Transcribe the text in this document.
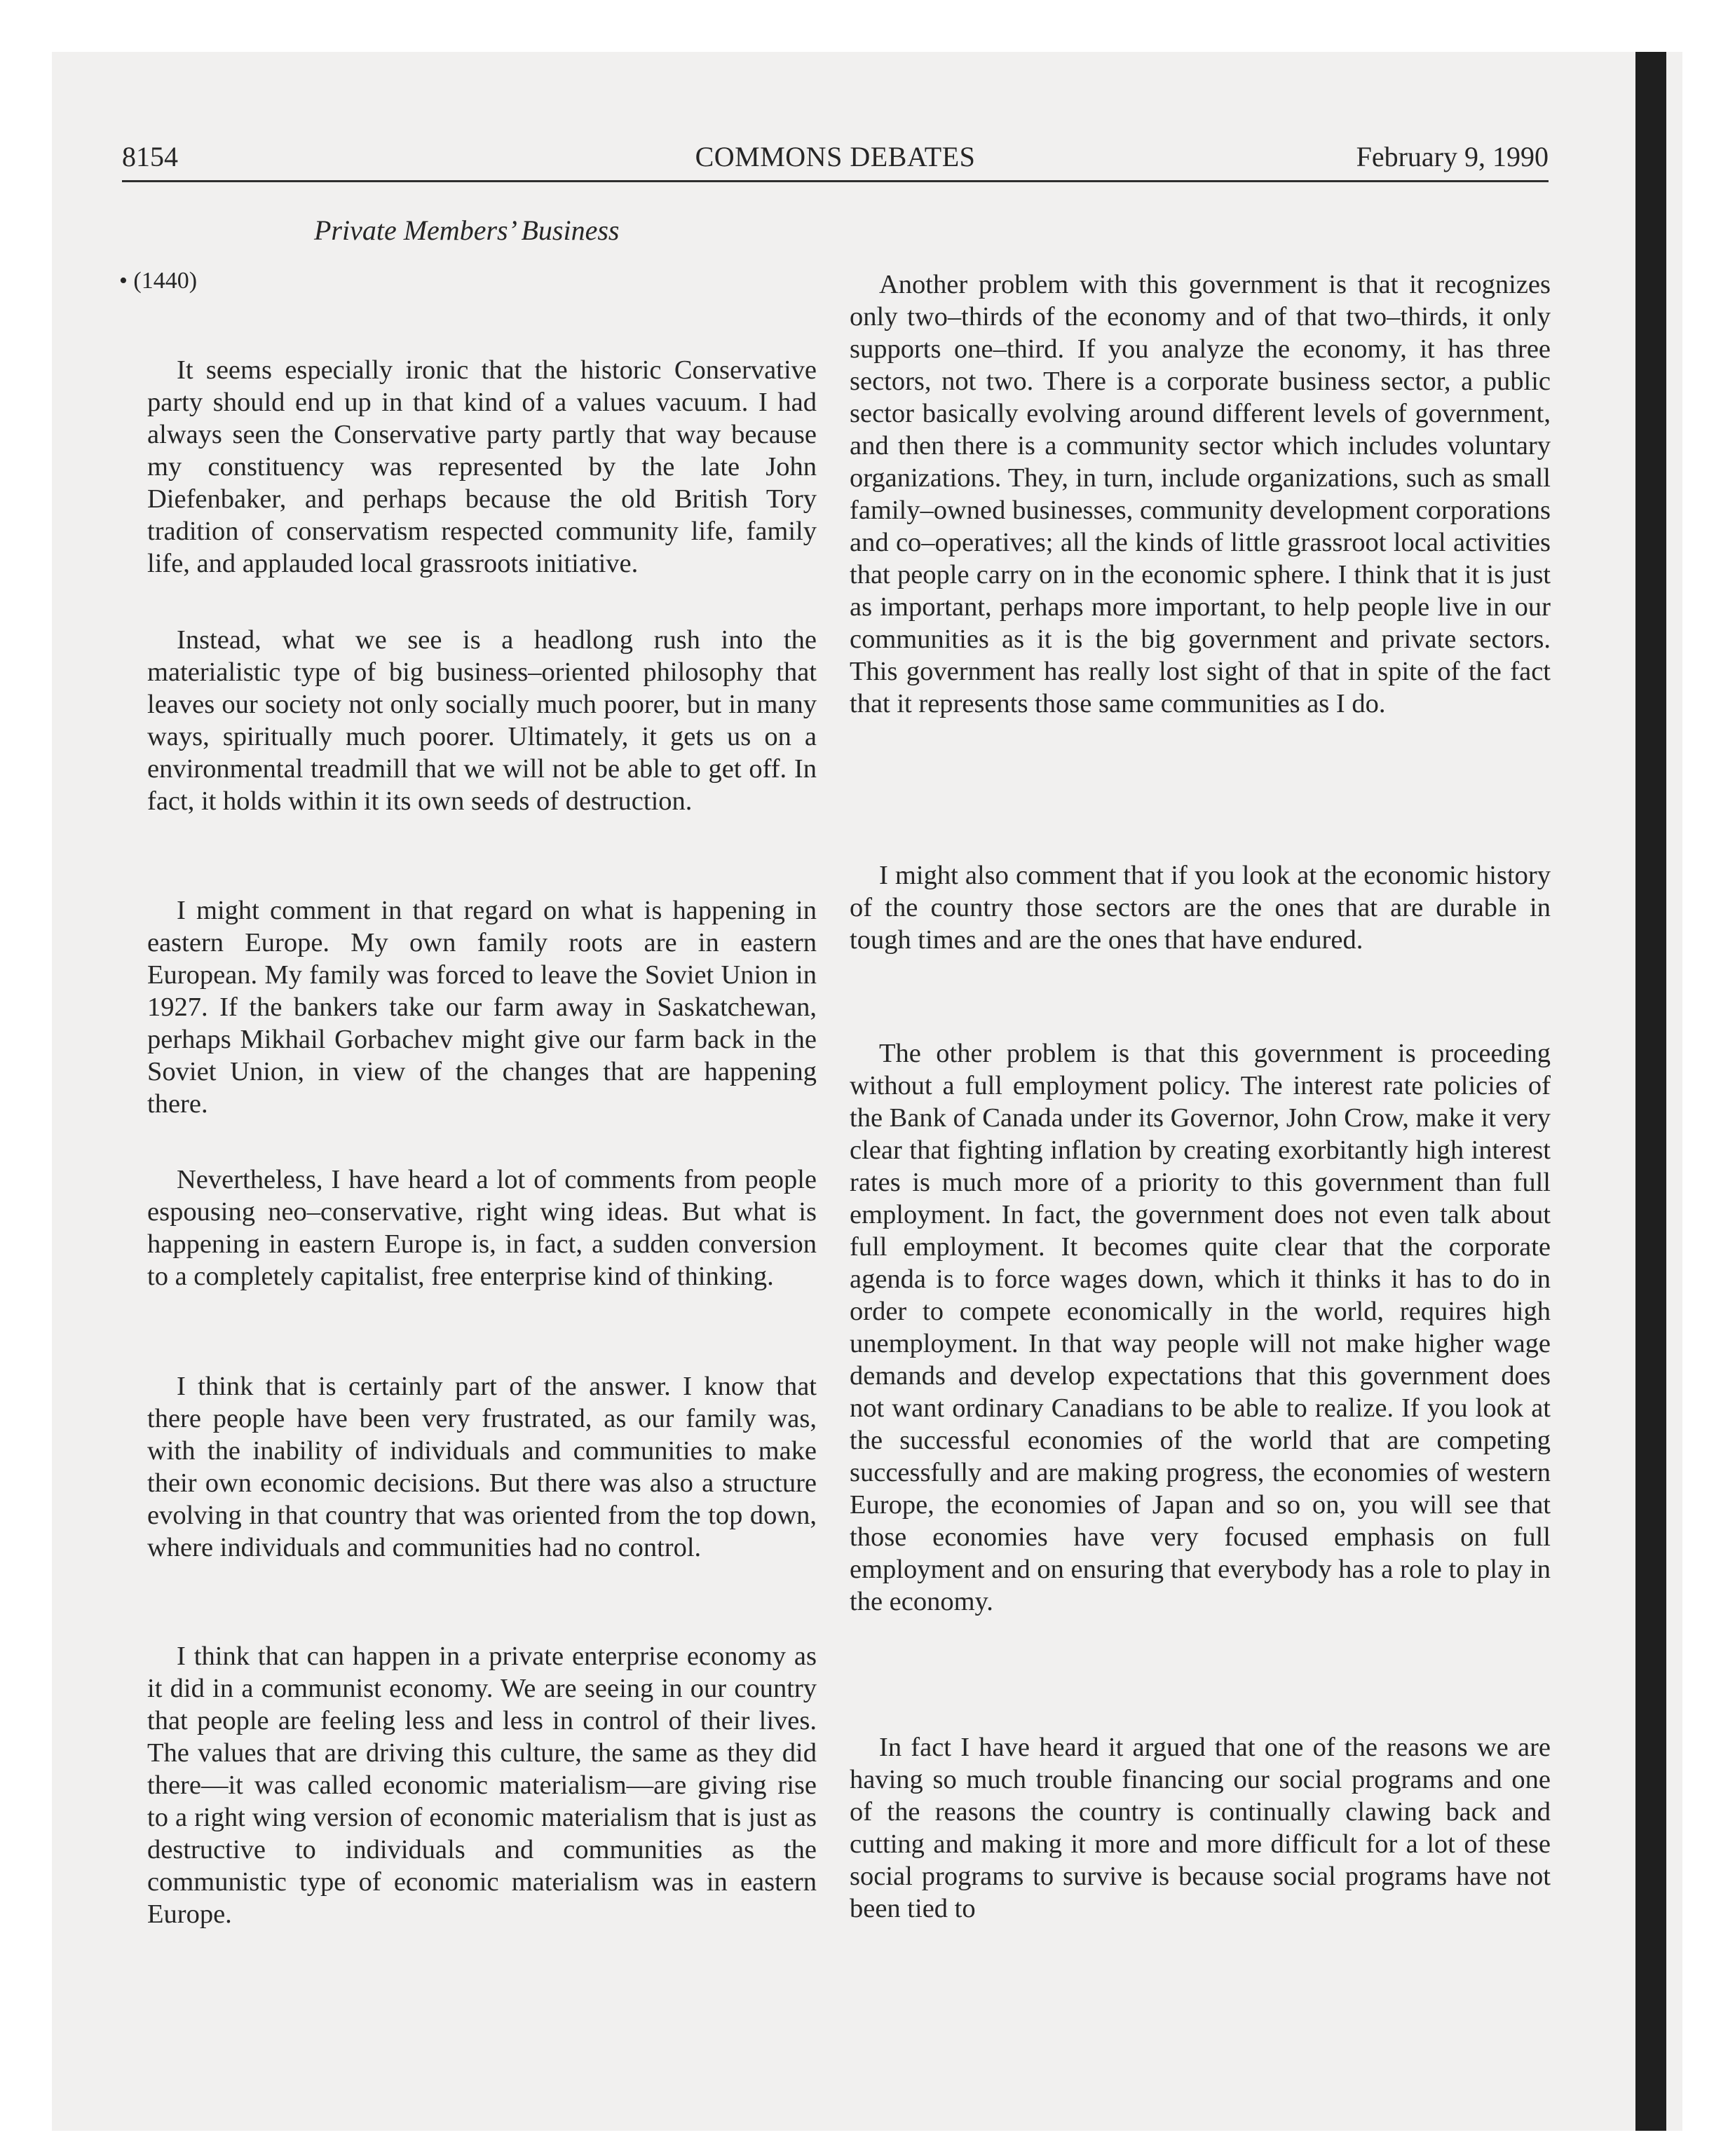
8154	COMMONS DEBATES	February 9, 1990
Private Members’ Business
• (1440)

It seems especially ironic that the historic Conservative party should end up in that kind of a values vacuum. I had always seen the Conservative party partly that way because my constituency was represented by the late John Diefenbaker, and perhaps because the old British Tory tradition of conservatism respected community life, family life, and applauded local grassroots initiative.

Instead, what we see is a headlong rush into the materialistic type of big business–oriented philosophy that leaves our society not only socially much poorer, but in many ways, spiritually much poorer. Ultimately, it gets us on a environmental treadmill that we will not be able to get off. In fact, it holds within it its own seeds of destruction.

I might comment in that regard on what is happening in eastern Europe. My own family roots are in eastern European. My family was forced to leave the Soviet Union in 1927. If the bankers take our farm away in Saskatchewan, perhaps Mikhail Gorbachev might give our farm back in the Soviet Union, in view of the changes that are happening there.

Nevertheless, I have heard a lot of comments from people espousing neo–conservative, right wing ideas. But what is happening in eastern Europe is, in fact, a sudden conversion to a completely capitalist, free enterprise kind of thinking.

I think that is certainly part of the answer. I know that there people have been very frustrated, as our family was, with the inability of individuals and communities to make their own economic decisions. But there was also a structure evolving in that country that was oriented from the top down, where individuals and communities had no control.

I think that can happen in a private enterprise economy as it did in a communist economy. We are seeing in our country that people are feeling less and less in control of their lives. The values that are driving this culture, the same as they did there—it was called economic materialism—are giving rise to a right wing version of economic materialism that is just as destructive to individuals and communities as the communistic type of economic materialism was in eastern Europe.

Another problem with this government is that it recognizes only two–thirds of the economy and of that two–thirds, it only supports one–third. If you analyze the economy, it has three sectors, not two. There is a corporate business sector, a public sector basically evolving around different levels of government, and then there is a community sector which includes voluntary organizations. They, in turn, include organizations, such as small family–owned businesses, community development corporations and co–operatives; all the kinds of little grassroot local activities that people carry on in the economic sphere. I think that it is just as important, perhaps more important, to help people live in our communities as it is the big government and private sectors. This government has really lost sight of that in spite of the fact that it represents those same communities as I do.

I might also comment that if you look at the economic history of the country those sectors are the ones that are durable in tough times and are the ones that have endured.

The other problem is that this government is proceeding without a full employment policy. The interest rate policies of the Bank of Canada under its Governor, John Crow, make it very clear that fighting inflation by creating exorbitantly high interest rates is much more of a priority to this government than full employment. In fact, the government does not even talk about full employment. It becomes quite clear that the corporate agenda is to force wages down, which it thinks it has to do in order to compete economically in the world, requires high unemployment. In that way people will not make higher wage demands and develop expectations that this government does not want ordinary Canadians to be able to realize. If you look at the successful economies of the world that are competing successfully and are making progress, the economies of western Europe, the economies of Japan and so on, you will see that those economies have very focused emphasis on full employment and on ensuring that everybody has a role to play in the economy.

In fact I have heard it argued that one of the reasons we are having so much trouble financing our social programs and one of the reasons the country is continually clawing back and cutting and making it more and more difficult for a lot of these social programs to survive is because social programs have not been tied to
